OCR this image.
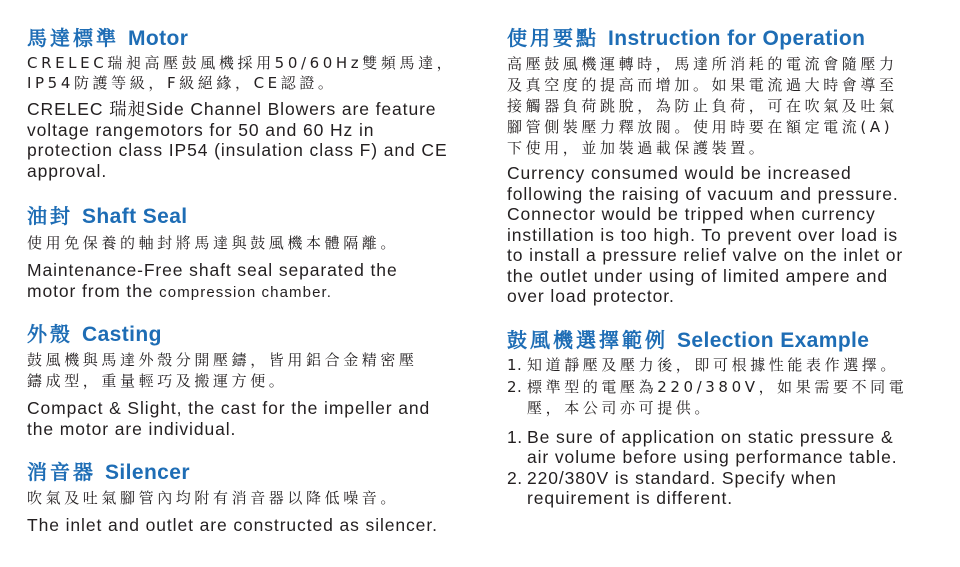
馬達標準 Motor
CRELEC瑞昶高壓鼓風機採用50/60Hz雙頻馬達，
IP54防護等級，F級絕緣，CE認證。
CRELEC 瑞昶Side Channel Blowers are feature
voltage rangemotors for 50 and 60 Hz in
protection class IP54 (insulation class F) and CE
approval.
油封 Shaft Seal
使用免保養的軸封將馬達與鼓風機本體隔離。
Maintenance-Free shaft seal separated the
motor from the compression chamber.
外殼 Casting
鼓風機與馬達外殼分開壓鑄，皆用鋁合金精密壓
鑄成型，重量輕巧及搬運方便。
Compact & Slight, the cast for the impeller and
the motor are individual.
消音器 Silencer
吹氣及吐氣腳管內均附有消音器以降低噪音。
The inlet and outlet are constructed as silencer.
使用要點 Instruction for Operation
高壓鼓風機運轉時，馬達所消耗的電流會隨壓力
及真空度的提高而增加。如果電流過大時會導至
接觸器負荷跳脫，為防止負荷，可在吹氣及吐氣
腳管側裝壓力釋放閥。使用時要在額定電流(A)
下使用，並加裝過載保護裝置。
Currency consumed would be increased
following the raising of vacuum and pressure.
Connector would be tripped when currency
instillation is too high. To prevent over load is
to install a pressure relief valve on the inlet or
the outlet under using of limited ampere and
over load protector.
鼓風機選擇範例 Selection Example
1. 知道靜壓及壓力後，即可根據性能表作選擇。
2. 標準型的電壓為220/380V，如果需要不同電
壓，本公司亦可提供。
1. Be sure of application on static pressure &
air volume before using performance table.
2. 220/380V is standard. Specify when
requirement is different.
